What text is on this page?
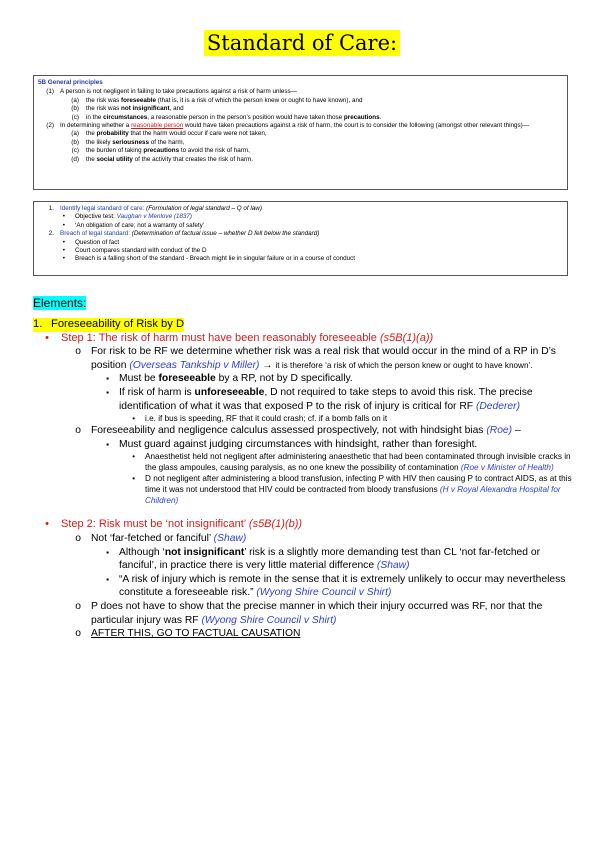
Standard of Care:
5B General principles
(1) A person is not negligent in failing to take precautions against a risk of harm unless—
(a)	the risk was foreseeable (that is, it is a risk of which the person knew or ought to have known), and
(b)	the risk was not insignificant, and
(c)	in the circumstances, a reasonable person in the person’s position would have taken those precautions.
(2) In determining whether a reasonable person would have taken precautions against a risk of harm, the court is to consider the following (amongst other relevant things)—
(a)	the probability that the harm would occur if care were not taken,
(b)	the likely seriousness of the harm,
(c)	the burden of taking precautions to avoid the risk of harm,
(d)	the social utility of the activity that creates the risk of harm.
1. Identify legal standard of care: (Formulation of legal standard – Q of law)
•	Objective test: Vaughan v Menlove (1837)
•	‘An obligation of care; not a warranty of safety’
2. Breach of legal standard: (Determination of factual issue – whether D fell below the standard)
•	Question of fact
•	Court compares standard with conduct of the D
•	Breach is a falling short of the standard - Breach might lie in singular failure or in a course of conduct
Elements:
1. Foreseeability of Risk by D
•	Step 1: The risk of harm must have been reasonably foreseeable (s5B(1)(a))
o For risk to be RF we determine whether risk was a real risk that would occur in the mind of a RP in D’s position (Overseas Tankship v Miller) → it is therefore ‘a risk of which the person knew or ought to have known’.
▪ Must be foreseeable by a RP, not by D specifically.
▪ If risk of harm is unforeseeable, D not required to take steps to avoid this risk. The precise identification of what it was that exposed P to the risk of injury is critical for RF (Dederer)
•	i.e. if bus is speeding, RF that it could crash; cf. if a bomb falls on it
o Foreseeability and negligence calculus assessed prospectively, not with hindsight bias (Roe) –
▪ Must guard against judging circumstances with hindsight, rather than foresight.
•	Anaesthetist held not negligent after administering anaesthetic that had been contaminated through invisible cracks in the glass ampoules, causing paralysis, as no one knew the possibility of contamination (Roe v Minister of Health)
•	D not negligent after administering a blood transfusion, infecting P with HIV then causing P to contract AIDS, as at this time it was not understood that HIV could be contracted from bloody transfusions (H v Royal Alexandra Hospital for Children)
•	Step 2: Risk must be ‘not insignificant’ (s5B(1)(b))
o Not ‘far-fetched or fanciful’ (Shaw)
▪ Although ‘not insignificant’ risk is a slightly more demanding test than CL ‘not far-fetched or fanciful’, in practice there is very little material difference (Shaw)
▪ “A risk of injury which is remote in the sense that it is extremely unlikely to occur may nevertheless constitute a foreseeable risk.” (Wyong Shire Council v Shirt)
o P does not have to show that the precise manner in which their injury occurred was RF, nor that the particular injury was RF (Wyong Shire Council v Shirt)
o AFTER THIS, GO TO FACTUAL CAUSATION
